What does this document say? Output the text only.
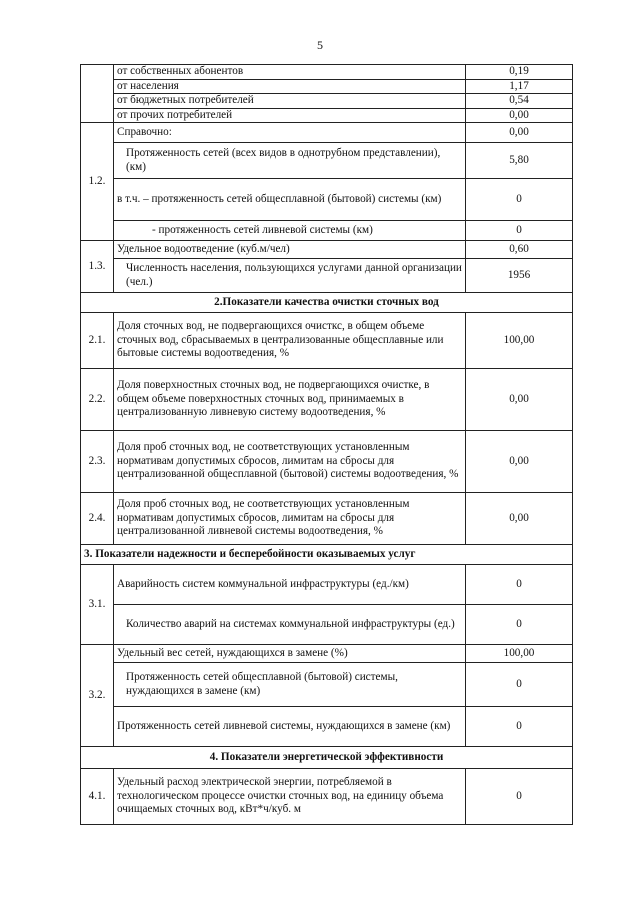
5
	от собственных абонентов	0,19
	от населения	1,17
	от бюджетных потребителей	0,54
	от прочих потребителей	0,00
1.2.	Справочно:	0,00
	Протяженность сетей (всех видов в однотрубном представлении), (км)	5,80
	в т.ч. – протяженность сетей общесплавной (бытовой) системы (км)	0
	- протяженность сетей ливневой системы (км)	0
1.3.	Удельное водоотведение (куб.м/чел)	0,60
	Численность населения, пользующихся услугами данной организации (чел.)	1956
2.Показатели качества очистки сточных вод		
2.1.	Доля сточных вод, не подвергающихся очисткс, в общем объеме сточных вод, сбрасываемых в централизованные общесплавные или бытовые системы водоотведения, %	100,00
2.2.	Доля поверхностных сточных вод, не подвергающихся очистке, в общем объеме поверхностных сточных вод, принимаемых в централизованную ливневую систему водоотведения, %	0,00
2.3.	Доля проб сточных вод, не соответствующих установленным нормативам допустимых сбросов, лимитам на сбросы для централизованной общесплавной (бытовой) системы водоотведения, %	0,00
2.4.	Доля проб сточных вод, не соответствующих установленным нормативам допустимых сбросов, лимитам на сбросы для централизованной ливневой системы водоотведения, %	0,00
3. Показатели надежности и бесперебойности оказываемых услуг		
3.1.	Аварийность систем коммунальной инфраструктуры (ед./км)	0
	Количество аварий на системах коммунальной инфраструктуры (ед.)	0
3.2.	Удельный вес сетей, нуждающихся в замене (%)	100,00
	Протяженность сетей общесплавной (бытовой) системы, нуждающихся в замене (км)	0
	Протяженность сетей ливневой системы, нуждающихся в замене (км)	0
4. Показатели энергетической эффективности		
4.1.	Удельный расход электрической энергии, потребляемой в технологическом процессе очистки сточных вод, на единицу объема очищаемых сточных вод, кВт*ч/куб. м	0
